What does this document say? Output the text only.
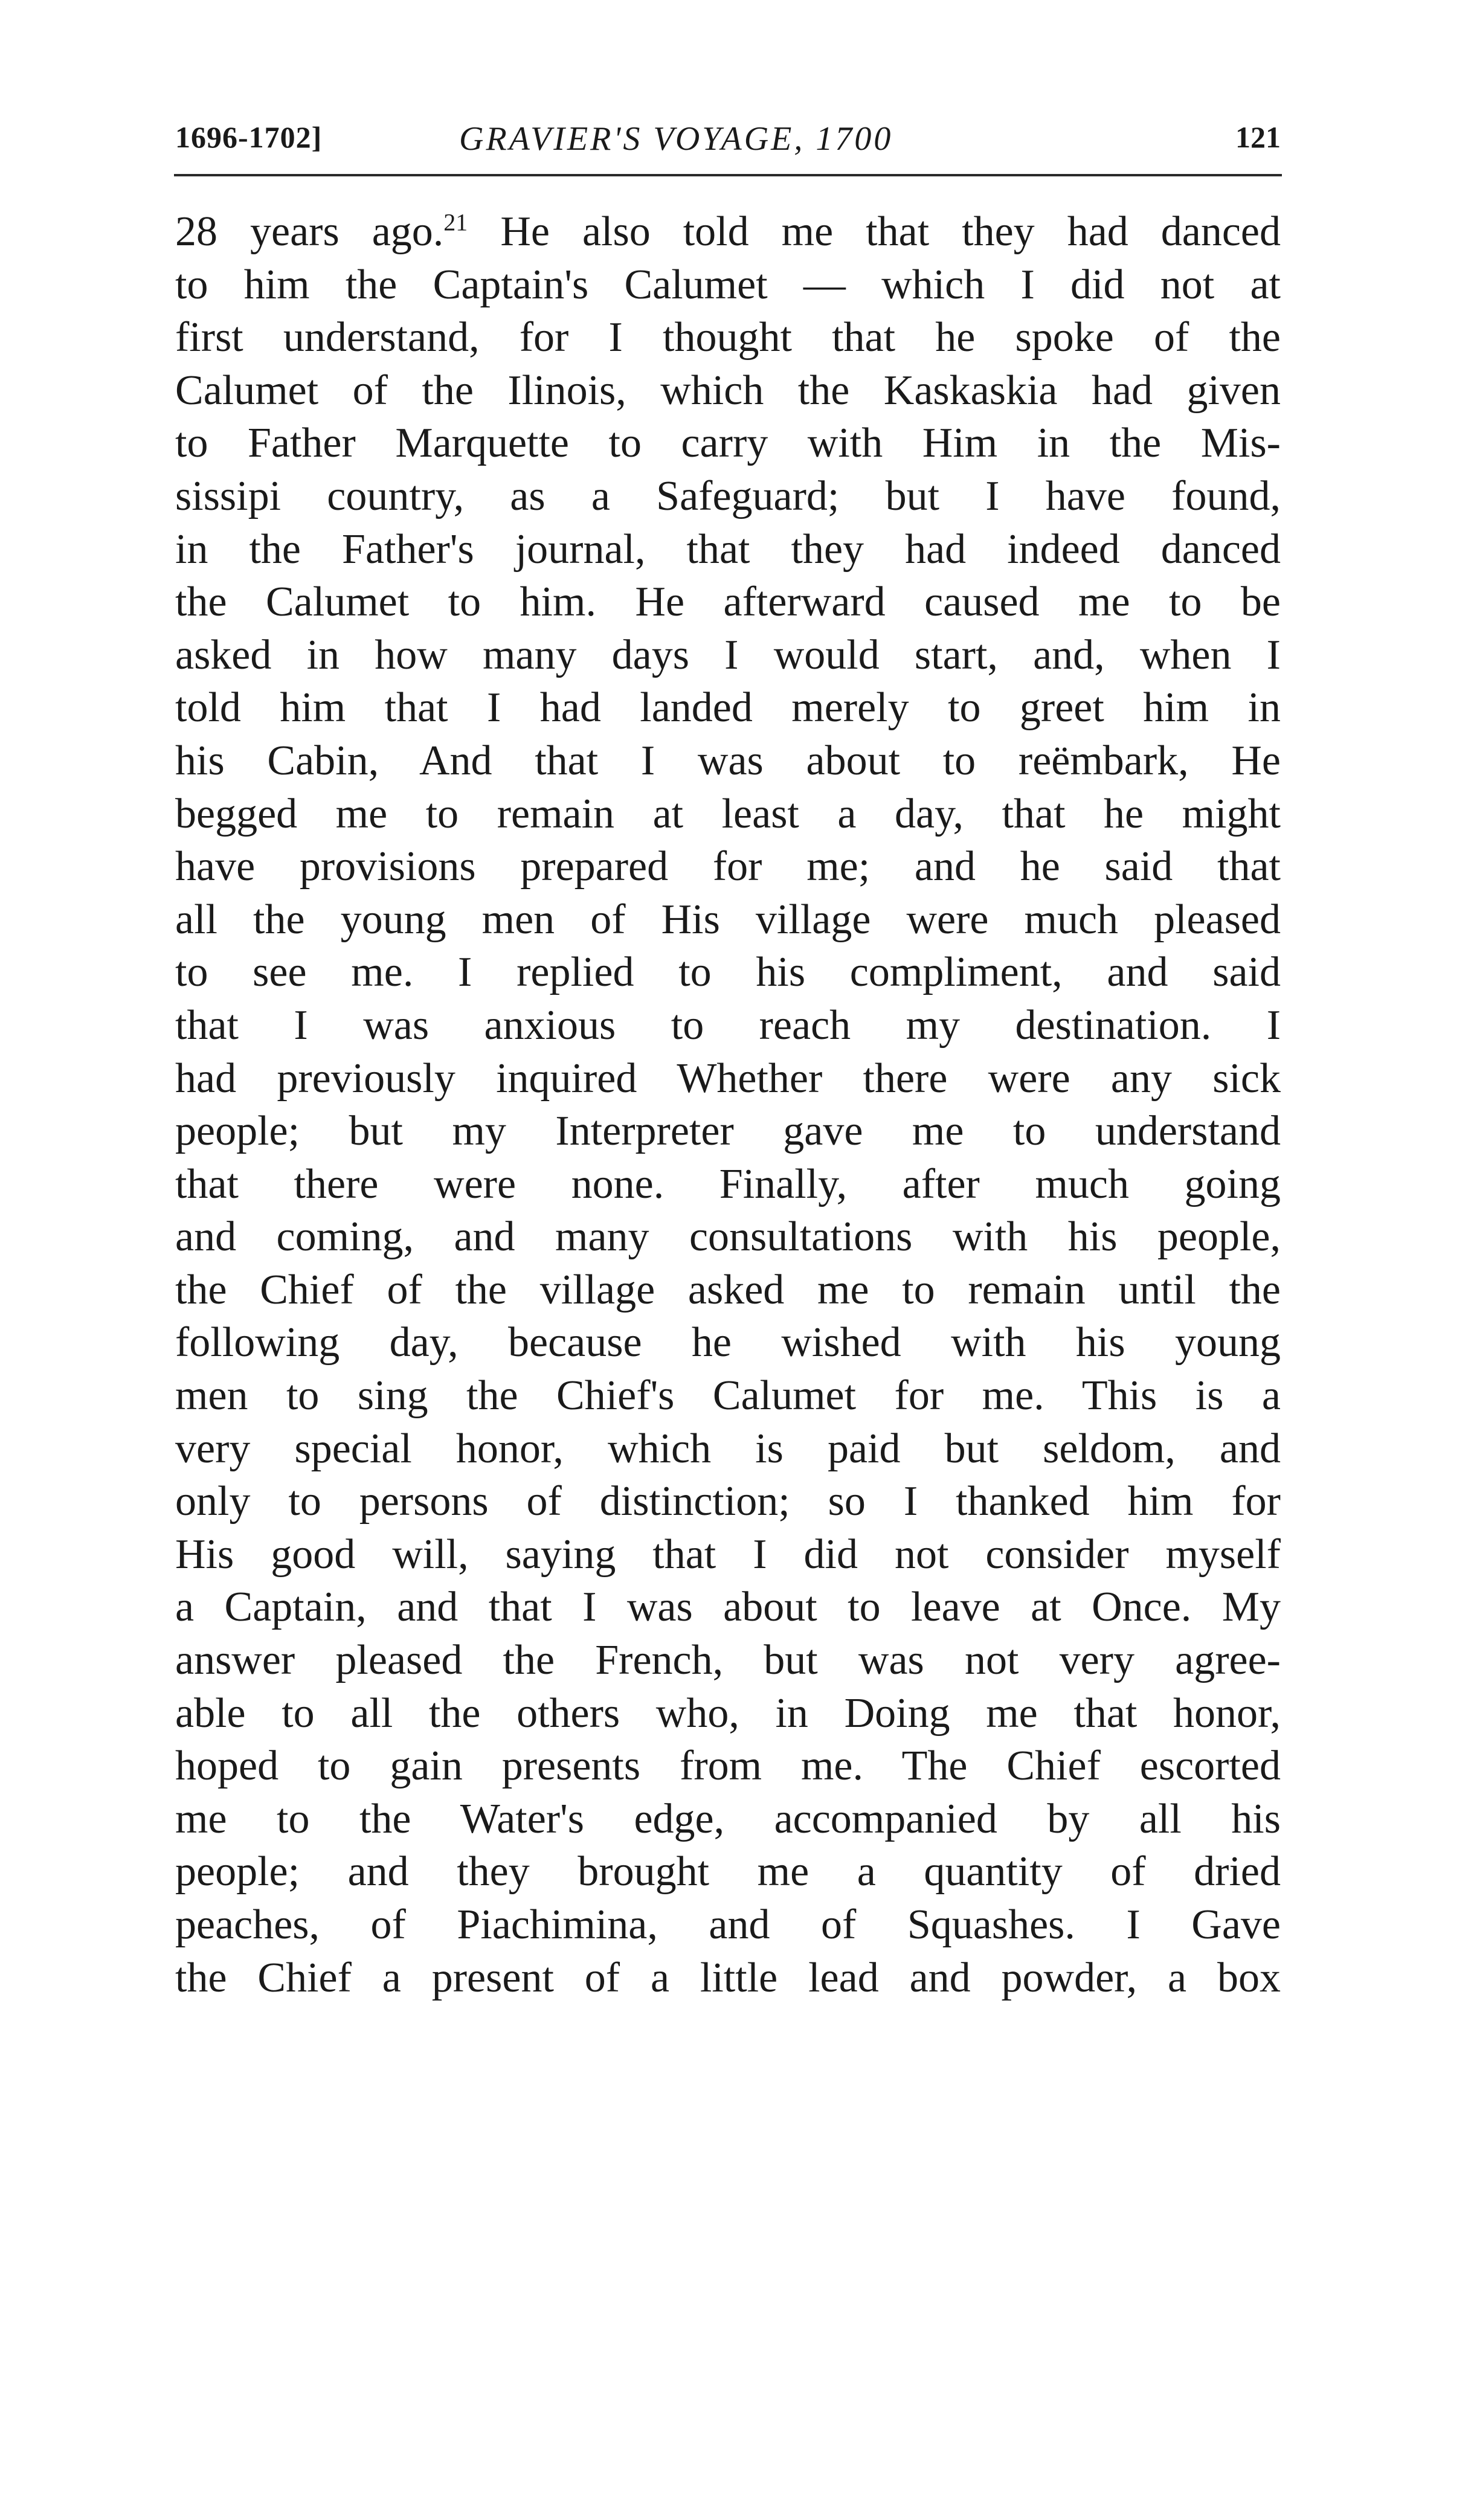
1696-1702]	GRAVIER'S VOYAGE, 1700	121
28 years ago.$^{21}$ He also told me that they had danced
to him the Captain's Calumet — which I did not at
first understand, for I thought that he spoke of the
Calumet of the Ilinois, which the Kaskaskia had given
to Father Marquette to carry with Him in the Mis-
sissipi country, as a Safeguard; but I have found,
in the Father's journal, that they had indeed danced
the Calumet to him. He afterward caused me to be
asked in how many days I would start, and, when I
told him that I had landed merely to greet him in
his Cabin, And that I was about to reëmbark, He
begged me to remain at least a day, that he might
have provisions prepared for me; and he said that
all the young men of His village were much pleased
to see me. I replied to his compliment, and said
that I was anxious to reach my destination. I
had previously inquired Whether there were any sick
people; but my Interpreter gave me to understand
that there were none. Finally, after much going
and coming, and many consultations with his people,
the Chief of the village asked me to remain until the
following day, because he wished with his young
men to sing the Chief's Calumet for me. This is a
very special honor, which is paid but seldom, and
only to persons of distinction; so I thanked him for
His good will, saying that I did not consider myself
a Captain, and that I was about to leave at Once. My
answer pleased the French, but was not very agree-
able to all the others who, in Doing me that honor,
hoped to gain presents from me. The Chief escorted
me to the Water's edge, accompanied by all his
people; and they brought me a quantity of dried
peaches, of Piachimina, and of Squashes. I Gave
the Chief a present of a little lead and powder, a box
